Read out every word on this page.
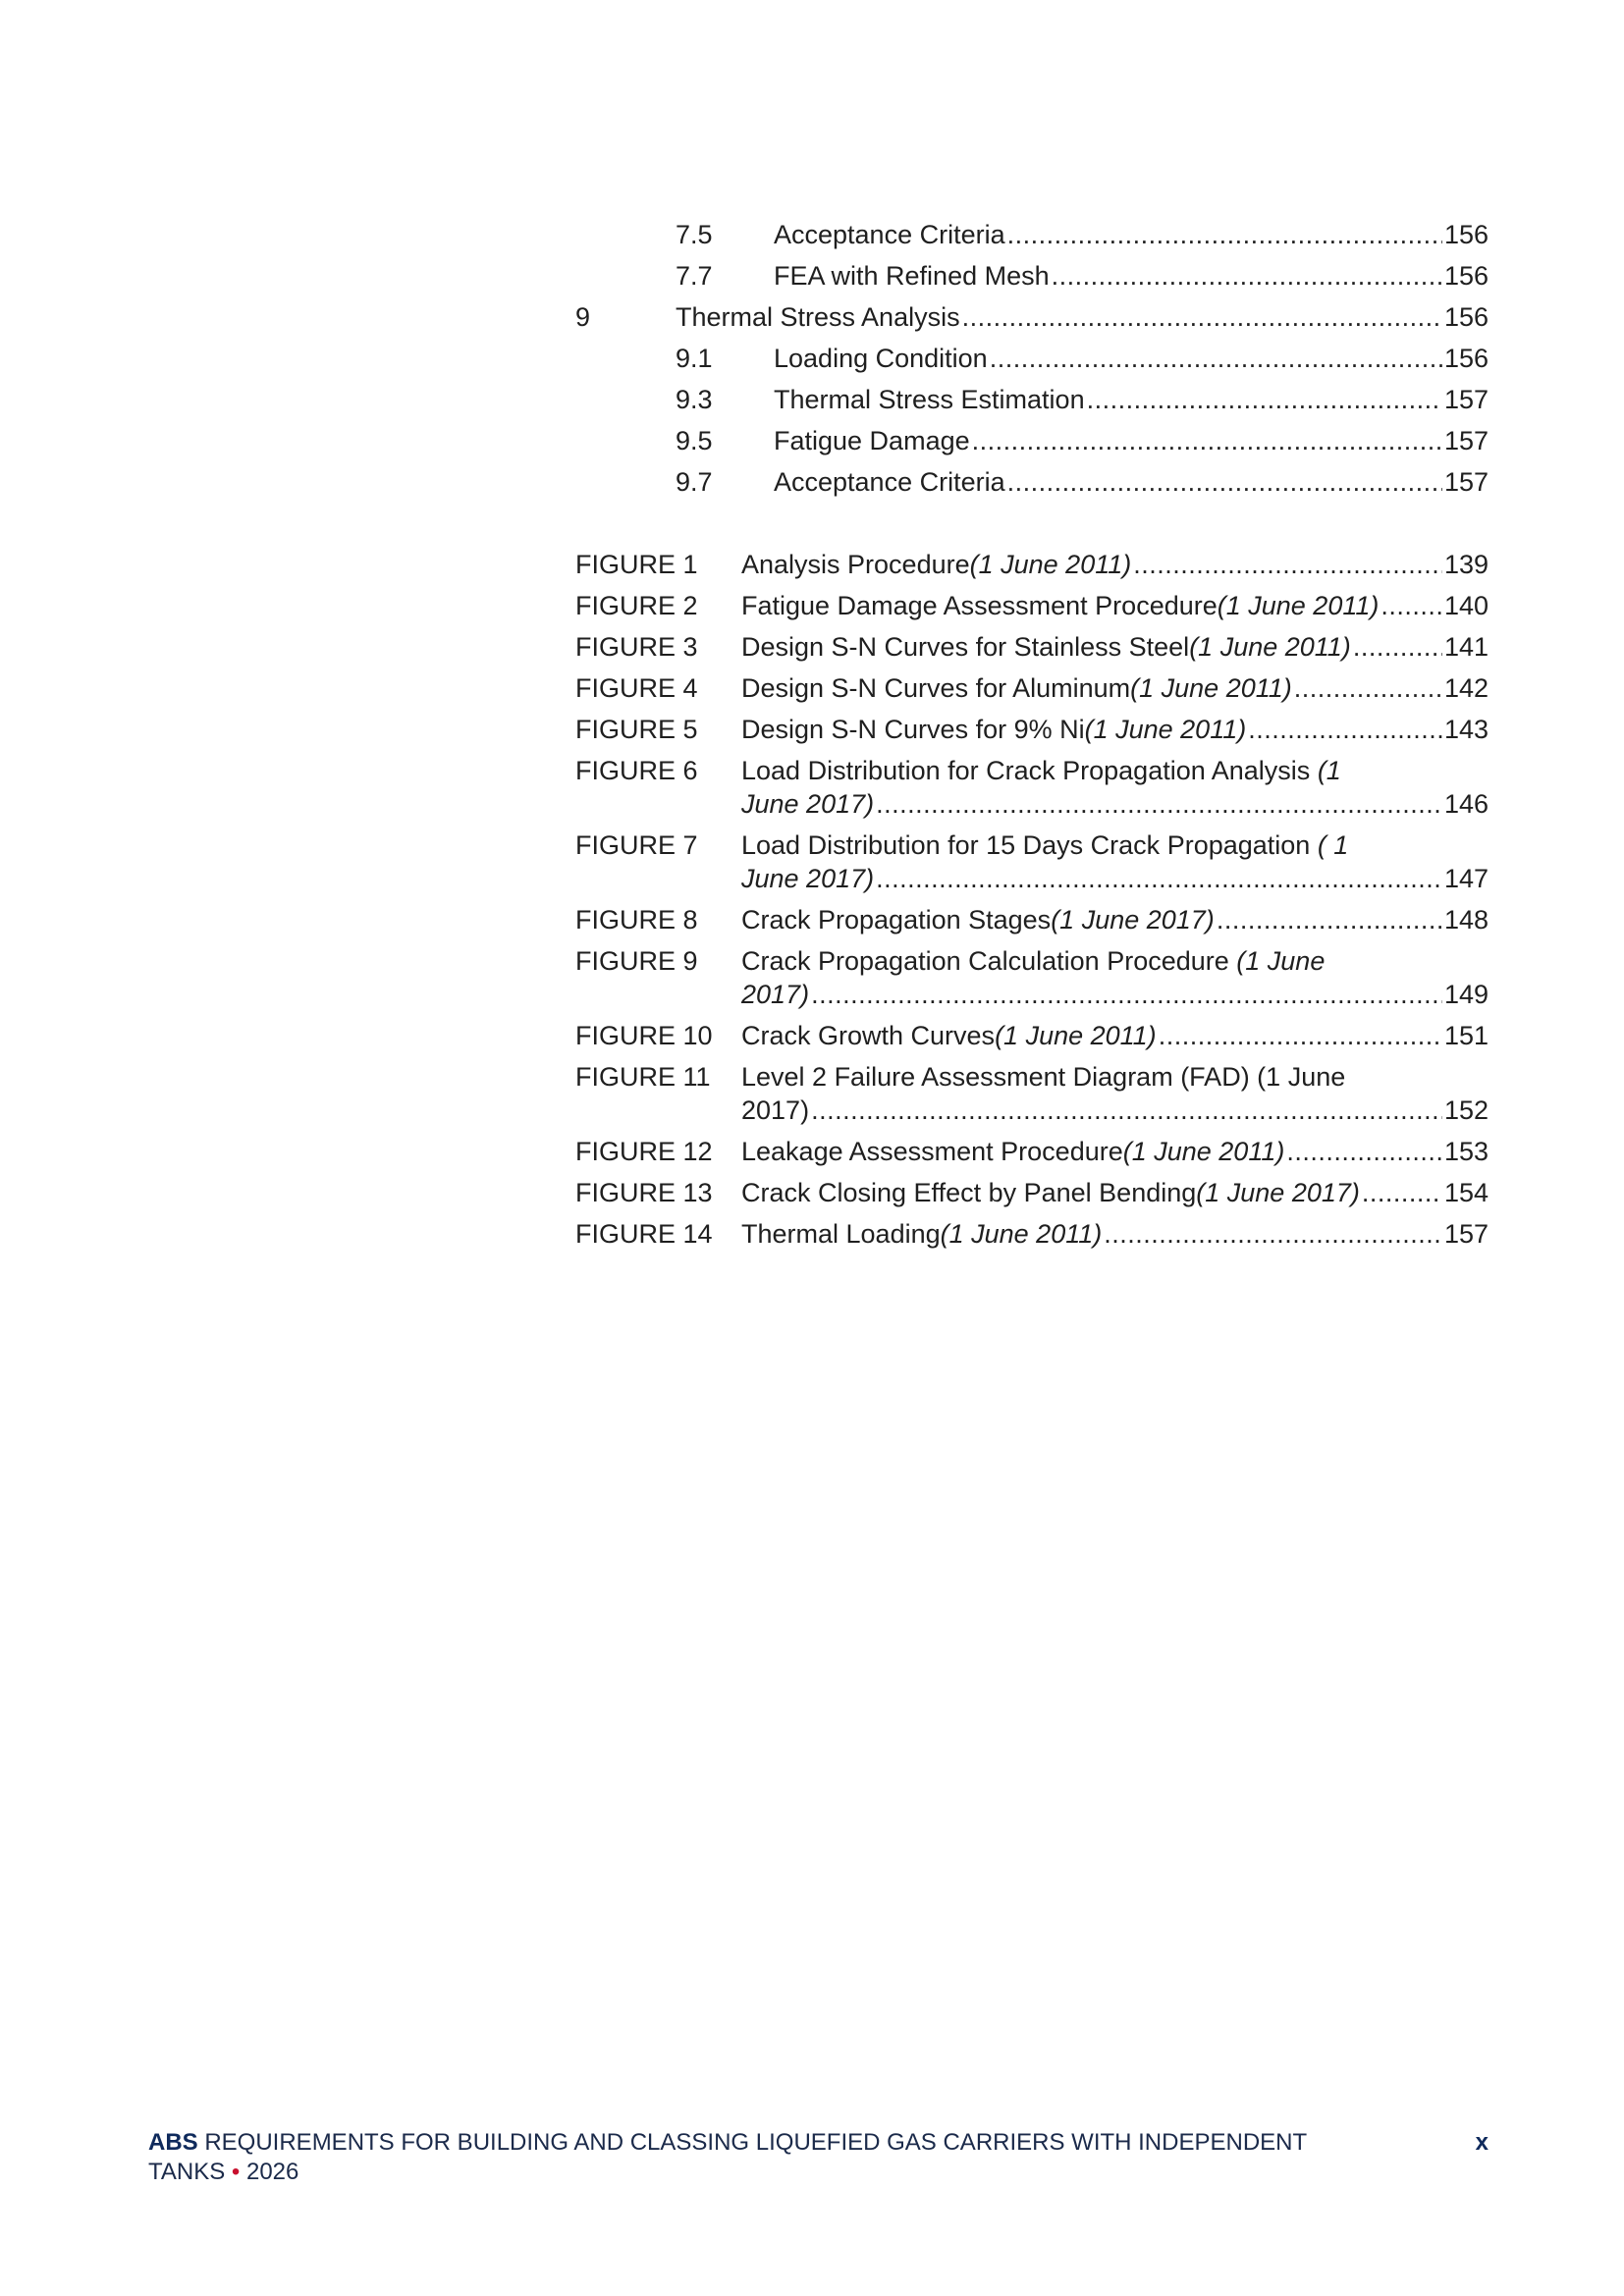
7.5	Acceptance Criteria .....	156
7.7	FEA with Refined Mesh .....	156
9	Thermal Stress Analysis .....	156
9.1	Loading Condition .....	156
9.3	Thermal Stress Estimation .....	157
9.5	Fatigue Damage .....	157
9.7	Acceptance Criteria .....	157
FIGURE 1	Analysis Procedure (1 June 2011) .....	139
FIGURE 2	Fatigue Damage Assessment Procedure (1 June 2011) ..... 140
FIGURE 3	Design S-N Curves for Stainless Steel (1 June 2011) .....	141
FIGURE 4	Design S-N Curves for Aluminum (1 June 2011) .....	142
FIGURE 5	Design S-N Curves for 9% Ni (1 June 2011) .....	143
FIGURE 6	Load Distribution for Crack Propagation Analysis (1
June 2017) .....	146
FIGURE 7	Load Distribution for 15 Days Crack Propagation ( 1
June 2017) .....	147
FIGURE 8	Crack Propagation Stages (1 June 2017) .....	148
FIGURE 9	Crack Propagation Calculation Procedure (1 June
2017) .....	149
FIGURE 10	Crack Growth Curves (1 June 2011) .....	151
FIGURE 11	Level 2 Failure Assessment Diagram (FAD) (1 June
2017) .....	152
FIGURE 12	Leakage Assessment Procedure (1 June 2011) .....	153
FIGURE 13	Crack Closing Effect by Panel Bending (1 June 2017) .....	154
FIGURE 14	Thermal Loading (1 June 2011) .....	157
ABS REQUIREMENTS FOR BUILDING AND CLASSING LIQUEFIED GAS CARRIERS WITH INDEPENDENT TANKS • 2026
x
